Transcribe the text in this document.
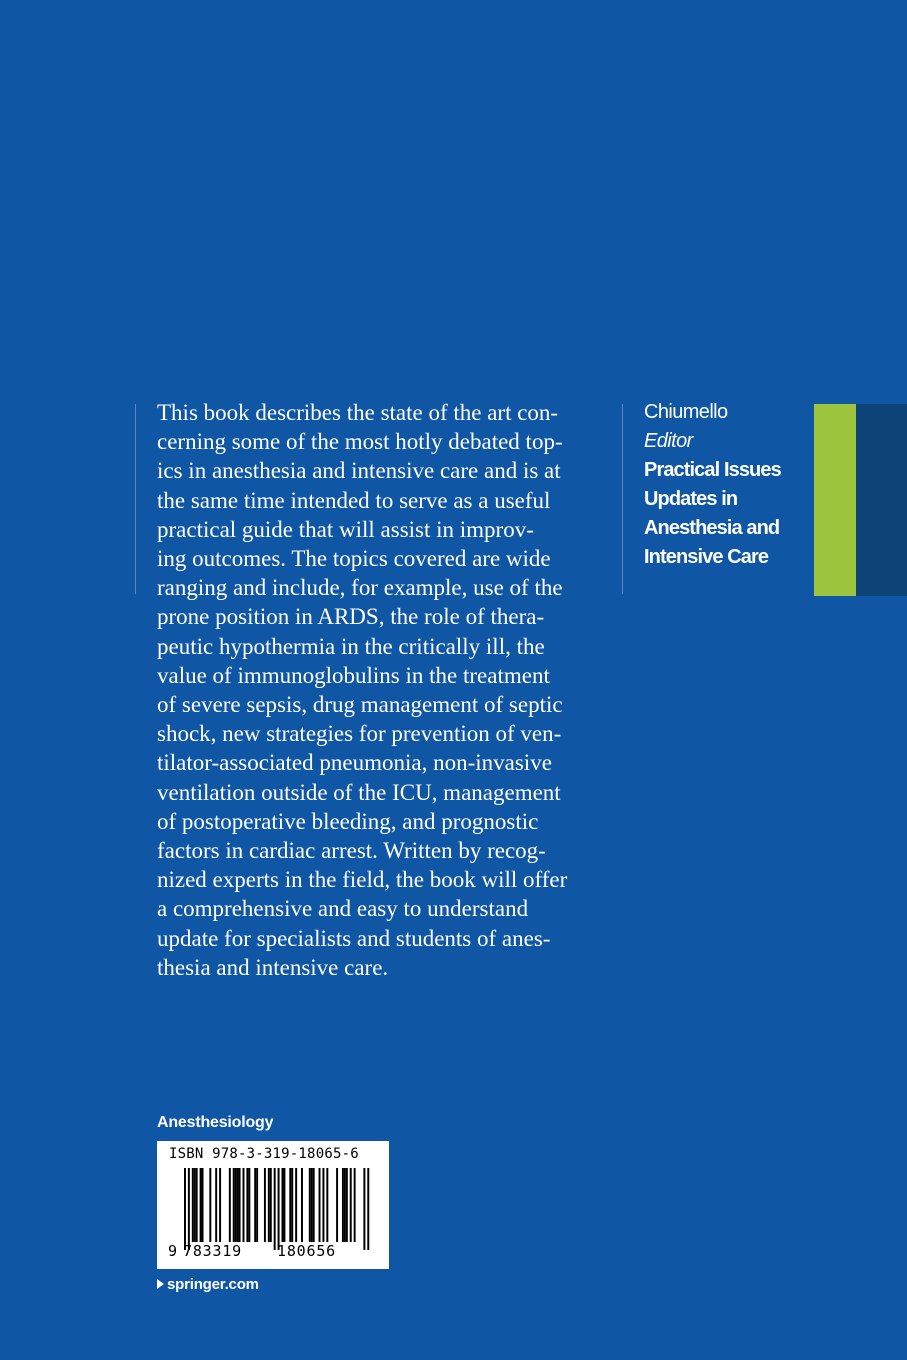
This book describes the state of the art con-
cerning some of the most hotly debated top-
ics in anesthesia and intensive care and is at
the same time intended to serve as a useful
practical guide that will assist in improv-
ing outcomes. The topics covered are wide
ranging and include, for example, use of the
prone position in ARDS, the role of thera-
peutic hypothermia in the critically ill, the
value of immunoglobulins in the treatment
of severe sepsis, drug management of septic
shock, new strategies for prevention of ven-
tilator-associated pneumonia, non-invasive
ventilation outside of the ICU, management
of postoperative bleeding, and prognostic
factors in cardiac arrest. Written by recog-
nized experts in the field, the book will offer
a comprehensive and easy to understand
update for specialists and students of anes-
thesia and intensive care.
Chiumello
Editor
Practical Issues
Updates in
Anesthesia and
Intensive Care
Anesthesiology
ISBN 978-3-319-18065-6
9 783319 180656
springer.com
